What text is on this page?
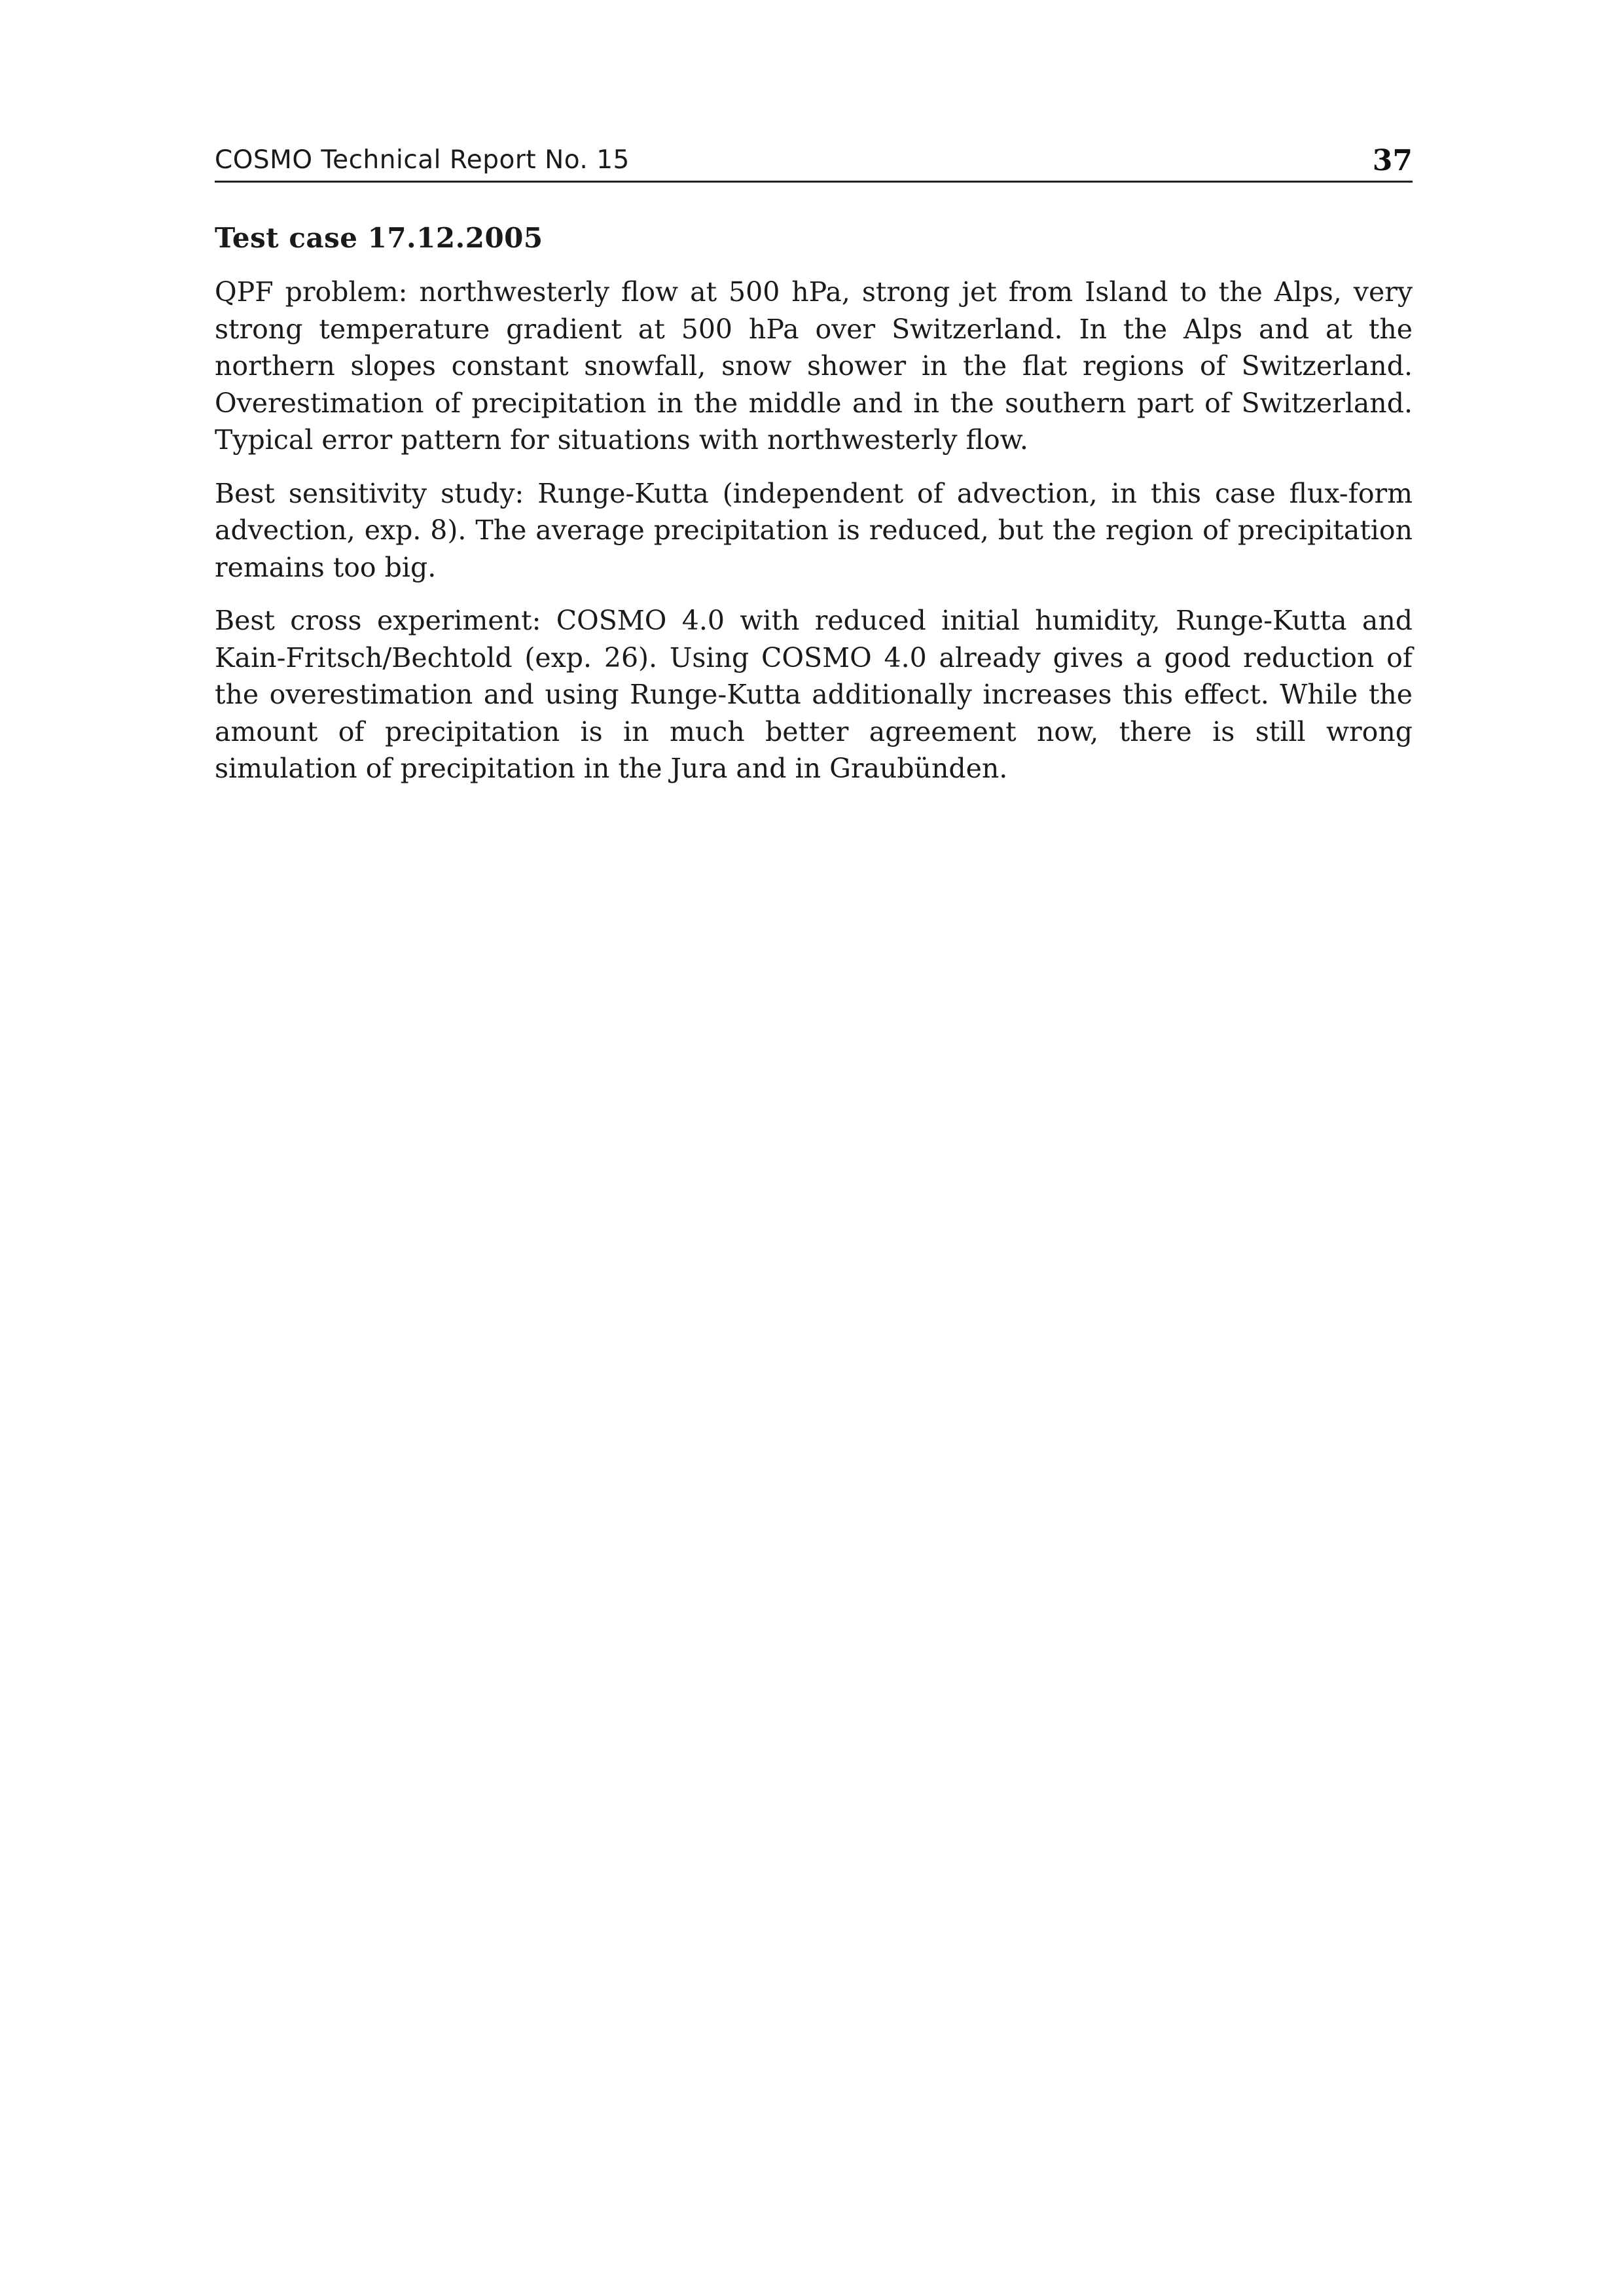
COSMO Technical Report No. 15	37
Test case 17.12.2005

QPF problem: northwesterly flow at 500 hPa, strong jet from Island to the Alps, very strong temperature gradient at 500 hPa over Switzerland. In the Alps and at the northern slopes constant snowfall, snow shower in the flat regions of Switzerland. Overestimation of precipitation in the middle and in the southern part of Switzerland. Typical error pattern for situations with northwesterly flow.

Best sensitivity study: Runge-Kutta (independent of advection, in this case flux-form advection, exp. 8). The average precipitation is reduced, but the region of precipitation remains too big.

Best cross experiment: COSMO 4.0 with reduced initial humidity, Runge-Kutta and Kain-Fritsch/Bechtold (exp. 26). Using COSMO 4.0 already gives a good reduction of the overestimation and using Runge-Kutta additionally increases this effect. While the amount of precipitation is in much better agreement now, there is still wrong simulation of precipitation in the Jura and in Graubünden.
